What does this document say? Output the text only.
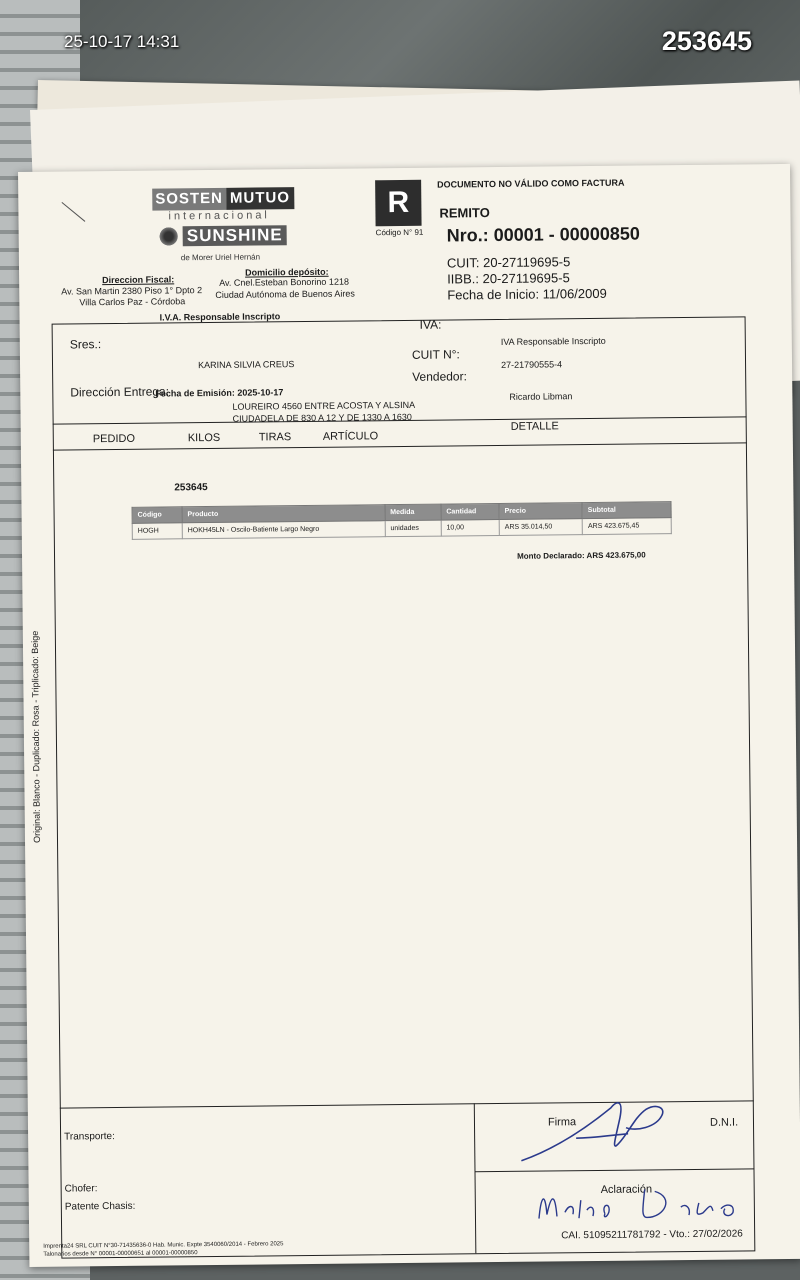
SOSTEN MUTUO
internacional
SUNSHINE
de Morer Uriel Hernán
R
Código N° 91
DOCUMENTO NO VÁLIDO COMO FACTURA
REMITO
Nro.: 00001 - 00000850
CUIT: 20-27119695-5
IIBB.: 20-27119695-5
Fecha de Inicio: 11/06/2009
Direccion Fiscal:
Av. San Martin 2380 Piso 1° Dpto 2
Villa Carlos Paz - Córdoba
Domicilio depósito:
Av. Cnel.Esteban Bonorino 1218
Ciudad Autónoma de Buenos Aires
I.V.A. Responsable Inscripto
Sres.:
IVA:
CUIT N°:
Vendedor:
KARINA SILVIA CREUS
IVA Responsable Inscripto
27-21790555-4
Dirección Entrega:
Fecha de Emisión: 2025-10-17	Ricardo Libman
LOUREIRO 4560 ENTRE ACOSTA Y ALSINA
CIUDADELA DE 830 A 12 Y DE 1330 A 1630
PEDIDO	KILOS	TIRAS	ARTÍCULO
DETALLE
253645
Código	Producto	Medida	Cantidad	Precio	Subtotal
HOGH	HOKH45LN - Oscilo-Batiente Largo Negro	unidades	10,00	ARS 35.014,50	ARS 423.675,45
Monto Declarado: ARS 423.675,00
Original: Blanco - Duplicado: Rosa - Triplicado: Beige
Transporte:
Chofer:
Patente Chasis:
Firma	D.N.I.
Aclaración
Imprenta24 SRL CUIT N°30-71435636-0 Hab. Munic. Expte 3540060/2014 - Febrero 2025
Talonarios desde N° 00001-00000651 al 00001-00000850
CAI. 51095211781792 - Vto.: 27/02/2026
25-10-17 14:31	253645
